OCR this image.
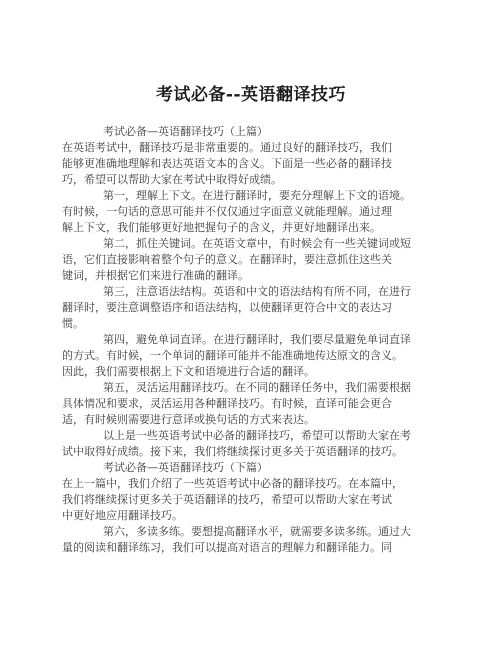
考试必备--英语翻译技巧
考试必备—英语翻译技巧（上篇）
在英语考试中，翻译技巧是非常重要的。通过良好的翻译技巧，我们
能够更准确地理解和表达英语文本的含义。下面是一些必备的翻译技
巧，希望可以帮助大家在考试中取得好成绩。
第一，理解上下文。在进行翻译时，要充分理解上下文的语境。
有时候，一句话的意思可能并不仅仅通过字面意义就能理解。通过理
解上下文，我们能够更好地把握句子的含义，并更好地翻译出来。
第二，抓住关键词。在英语文章中，有时候会有一些关键词或短
语，它们直接影响着整个句子的意义。在翻译时，要注意抓住这些关
键词，并根据它们来进行准确的翻译。
第三，注意语法结构。英语和中文的语法结构有所不同，在进行
翻译时，要注意调整语序和语法结构，以使翻译更符合中文的表达习
惯。
第四，避免单词直译。在进行翻译时，我们要尽量避免单词直译
的方式。有时候，一个单词的翻译可能并不能准确地传达原文的含义。
因此，我们需要根据上下文和语境进行合适的翻译。
第五，灵活运用翻译技巧。在不同的翻译任务中，我们需要根据
具体情况和要求，灵活运用各种翻译技巧。有时候，直译可能会更合
适，有时候则需要进行意译或换句话的方式来表达。
以上是一些英语考试中必备的翻译技巧，希望可以帮助大家在考
试中取得好成绩。接下来，我们将继续探讨更多关于英语翻译的技巧。
考试必备—英语翻译技巧（下篇）
在上一篇中，我们介绍了一些英语考试中必备的翻译技巧。在本篇中，
我们将继续探讨更多关于英语翻译的技巧，希望可以帮助大家在考试
中更好地应用翻译技巧。
第六，多读多练。要想提高翻译水平，就需要多读多练。通过大
量的阅读和翻译练习，我们可以提高对语言的理解力和翻译能力。同
